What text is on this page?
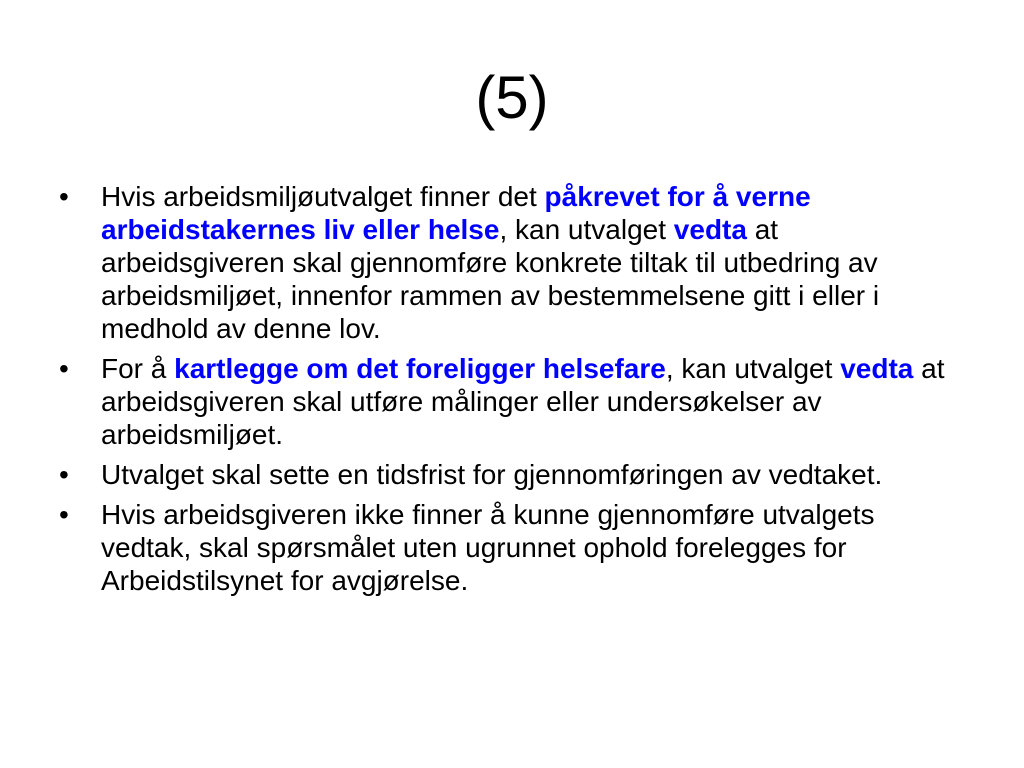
(5)
• Hvis arbeidsmiljøutvalget finner det påkrevet for å verne arbeidstakernes liv eller helse, kan utvalget vedta at arbeidsgiveren skal gjennomføre konkrete tiltak til utbedring av arbeidsmiljøet, innenfor rammen av bestemmelsene gitt i eller i medhold av denne lov.
• For å kartlegge om det foreligger helsefare, kan utvalget vedta at arbeidsgiveren skal utføre målinger eller undersøkelser av arbeidsmiljøet.
• Utvalget skal sette en tidsfrist for gjennomføringen av vedtaket.
• Hvis arbeidsgiveren ikke finner å kunne gjennomføre utvalgets vedtak, skal spørsmålet uten ugrunnet ophold forelegges for Arbeidstilsynet for avgjørelse.
